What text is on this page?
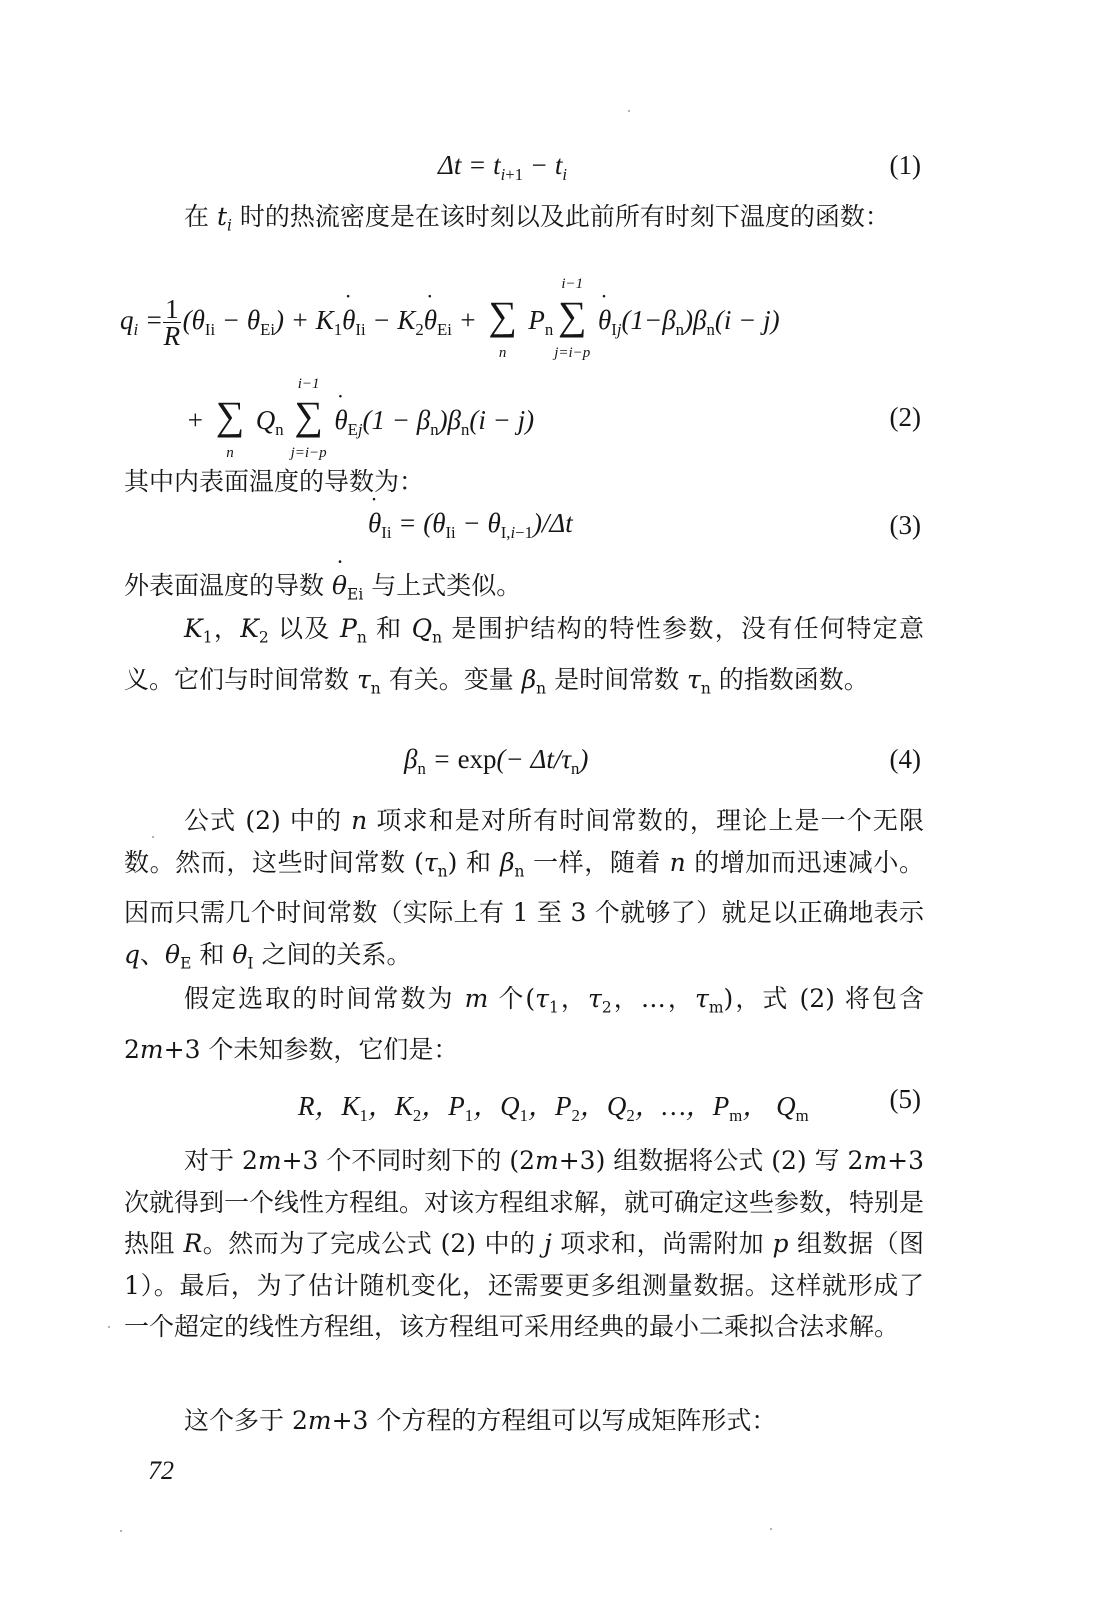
$\Delta t = t_{i+1} - t_i$	(1)
在 $t_i$ 时的热流密度是在该时刻以及此前所有时刻下温度的函数：
$q_i = \frac{1}{R} (\theta_{Ii} - \theta_{Ei})$ + $K_1˙$ $\theta_{Ii}$ − $K_2˙$ $\theta_{Ei}$ + ∑
n
$P_n$
i−1
∑
j=i−p
˙ $\theta_{Ij}(1-\beta_n)\beta_n(i - j)$
+ ∑
n
$Q_n$
i−1
∑
j=i−p
˙ $\theta_{Ej}(1 - \beta_n)\beta_n(i - j)$	(2)
其中内表面温度的导数为：
˙ $\theta_{Ii} = (\theta_{Ii} - \theta_{I,i-1})/\Delta t$	(3)
外表面温度的导数 ˙ $\theta_{Ei}$ 与上式类似。
$K_1$，$K_2$ 以及 $P_n$ 和 $Q_n$ 是围护结构的特性参数，没有任何特定意义。它们与时间常数 $\tau_n$ 有关。变量 $\beta_n$ 是时间常数 $\tau_n$ 的指数函数。
$\beta_n = \exp(- \Delta t/\tau_n)$	(4)
公式 (2) 中的 n 项求和是对所有时间常数的，理论上是一个无限数。然而，这些时间常数 $(\tau_n)$ 和 $\beta_n$ 一样，随着 n 的增加而迅速减小。因而只需几个时间常数（实际上有 1 至 3 个就够了）就足以正确地表示 q、$\theta_E$ 和 $\theta_I$ 之间的关系。
假定选取的时间常数为 m 个($\tau_1$，$\tau_2$，…，$\tau_m$)，式 (2) 将包含 2m+3 个未知参数，它们是：
R，$K_1$，$K_2$，$P_1$，$Q_1$，$P_2$，$Q_2$，…，$P_m$， $Q_m$
(5)
对于 2m+3 个不同时刻下的 (2m+3) 组数据将公式 (2) 写 2m+3 次就得到一个线性方程组。对该方程组求解，就可确定这些参数，特别是热阻 R。然而为了完成公式 (2) 中的 j 项求和，尚需附加 p 组数据（图 1）。最后，为了估计随机变化，还需要更多组测量数据。这样就形成了一个超定的线性方程组，该方程组可采用经典的最小二乘拟合法求解。
这个多于 2m+3 个方程的方程组可以写成矩阵形式：
72
